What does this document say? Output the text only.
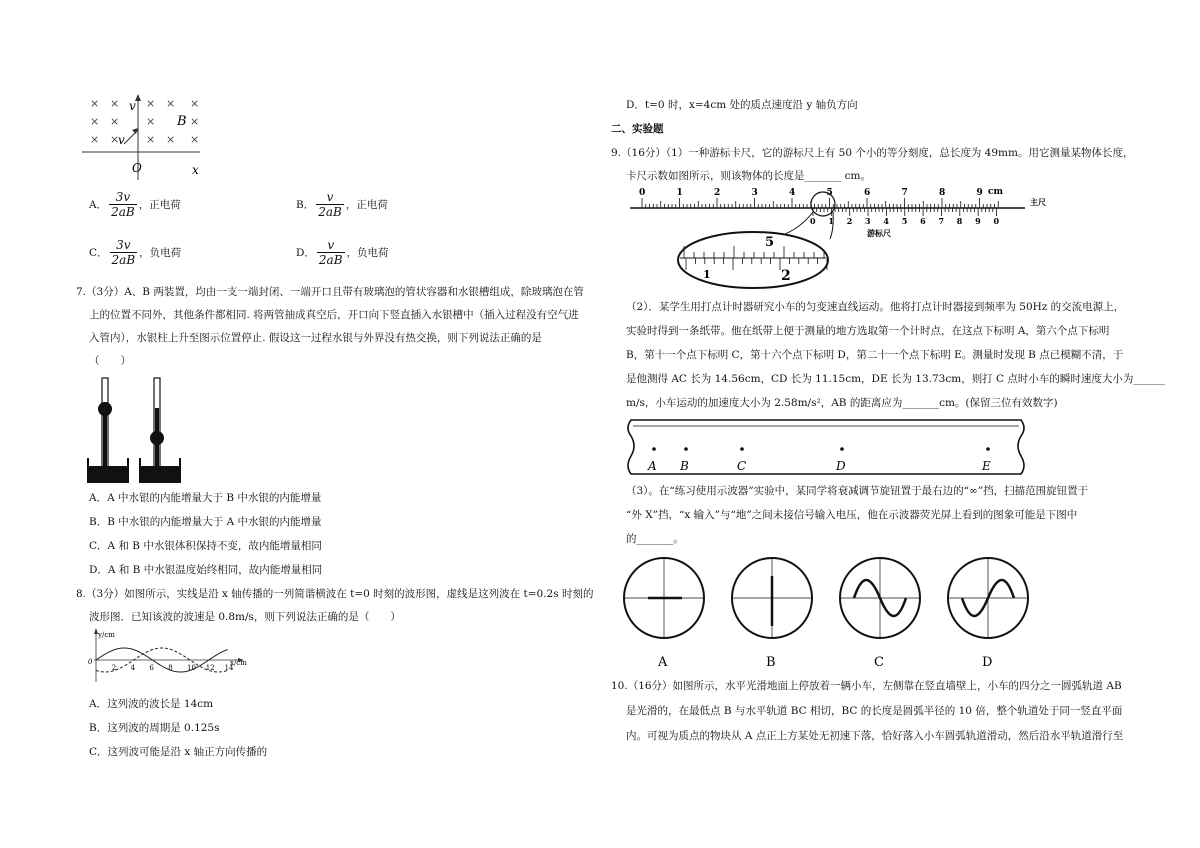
× × × × ×
× × ×	×
× × × × ×
v
v
B
O	x
A． $\frac{3v}{2aB}$ ，正电荷	B． $\frac{v}{2aB}$ ，正电荷
C． $\frac{3v}{2aB}$ ，负电荷	D． $\frac{v}{2aB}$ ，负电荷
7.（3分）A、B 两装置，均由一支一端封闭、一端开口且带有玻璃泡的管状容器和水银槽组成，除玻璃泡在管
上的位置不同外，其他条件都相同. 将两管抽成真空后，开口向下竖直插入水银槽中（插入过程没有空气进
入管内），水银柱上升至图示位置停止. 假设这一过程水银与外界没有热交换，则下列说法正确的是
（　　）
A．A 中水银的内能增量大于 B 中水银的内能增量
B．B 中水银的内能增量大于 A 中水银的内能增量
C．A 和 B 中水银体积保持不变，故内能增量相同
D．A 和 B 中水银温度始终相同，故内能增量相同
8.（3分）如图所示，实线是沿 x 轴传播的一列简谐横波在 t=0 时刻的波形图，虚线是这列波在 t=0.2s 时刻的
波形图．已知该波的波速是 0.8m/s，则下列说法正确的是（　　）
y/cm
x/cm
0
2 4 6 8 10 12 14
A．这列波的波长是 14cm
B．这列波的周期是 0.125s
C．这列波可能是沿 x 轴正方向传播的
D．t=0 时，x=4cm 处的质点速度沿 y 轴负方向
二、实验题
9.（16分）（1）一种游标卡尺，它的游标尺上有 50 个小的等分刻度，总长度为 49mm。用它测量某物体长度，
卡尺示数如图所示，则该物体的长度是_______ cm。
0	1	2	3	4	5	6	7	8	9 cm
主尺
0 1 2 3 4 5 6 7 8 9 0
游标尺
5
1	2
（2）．某学生用打点计时器研究小车的匀变速直线运动。他将打点计时器接到频率为 50Hz 的交流电源上，
实验时得到一条纸带。他在纸带上便于测量的地方选取第一个计时点，在这点下标明 A，第六个点下标明
B，第十一个点下标明 C，第十六个点下标明 D，第二十一个点下标明 E。测量时发现 B 点已模糊不清，于
是他测得 AC 长为 14.56cm，CD 长为 11.15cm，DE 长为 13.73cm，则打 C 点时小车的瞬时速度大小为______
m/s，小车运动的加速度大小为 2.58m/s²，AB 的距离应为_______cm。(保留三位有效数字)
A B	C	D	E
（3）。在“练习使用示波器”实验中，某同学将衰减调节旋钮置于最右边的“∞”挡，扫描范围旋钮置于
“外 X”挡，“x 输入”与“地”之间未接信号输入电压，他在示波器荧光屏上看到的图象可能是下图中
的_______。
A	B	C	D
10.（16分）如图所示，水平光滑地面上停放着一辆小车，左侧靠在竖直墙壁上，小车的四分之一圆弧轨道 AB
是光滑的，在最低点 B 与水平轨道 BC 相切，BC 的长度是圆弧半径的 10 倍，整个轨道处于同一竖直平面
内。可视为质点的物块从 A 点正上方某处无初速下落，恰好落入小车圆弧轨道滑动，然后沿水平轨道滑行至
